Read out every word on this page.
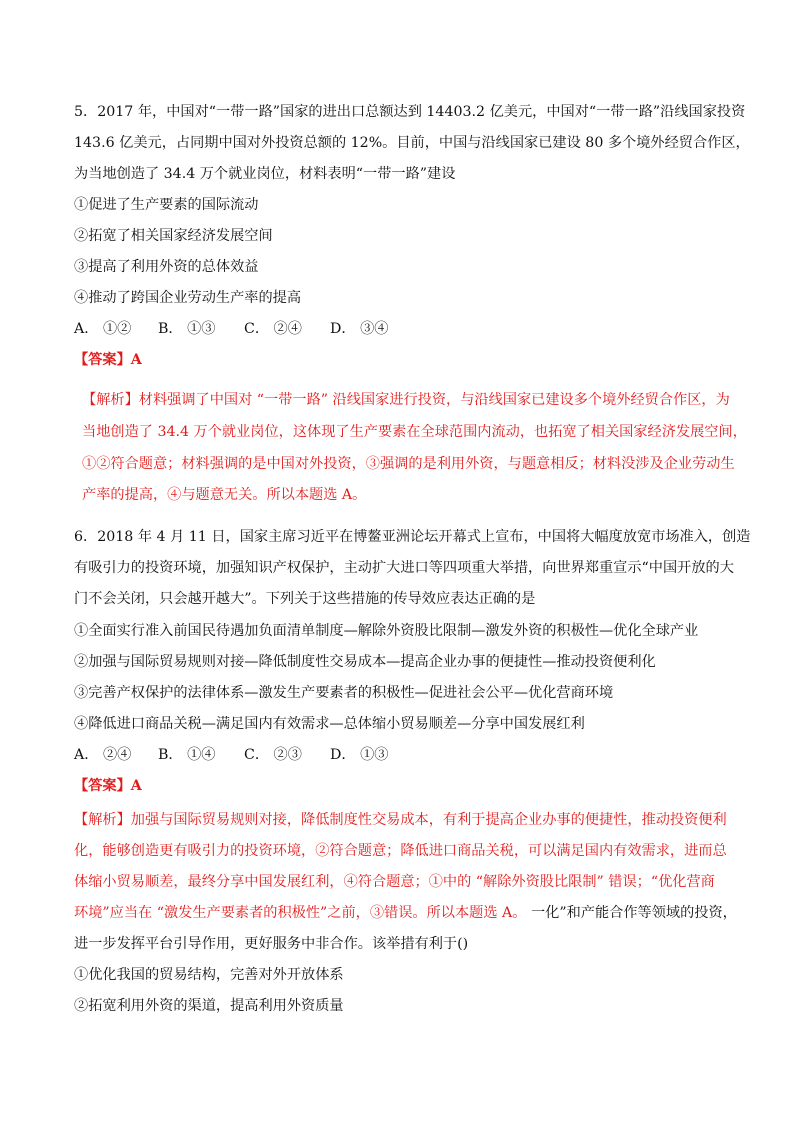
5．2017 年，中国对“一带一路”国家的进出口总额达到 14403.2 亿美元，中国对“一带一路”沿线国家投资
143.6 亿美元，占同期中国对外投资总额的 12%。目前，中国与沿线国家已建设 80 多个境外经贸合作区，
为当地创造了 34.4 万个就业岗位，材料表明“一带一路”建设
①促进了生产要素的国际流动
②拓宽了相关国家经济发展空间
③提高了利用外资的总体效益
④推动了跨国企业劳动生产率的提高
A． ①② B． ①③ C． ②④ D． ③④
【答案】A
【解析】材料强调了中国对 “一带一路” 沿线国家进行投资，与沿线国家已建设多个境外经贸合作区，为
当地创造了 34.4 万个就业岗位，这体现了生产要素在全球范围内流动，也拓宽了相关国家经济发展空间，
①②符合题意；材料强调的是中国对外投资，③强调的是利用外资，与题意相反；材料没涉及企业劳动生
产率的提高，④与题意无关。所以本题选 A。
6．2018 年 4 月 11 日，国家主席习近平在博鳌亚洲论坛开幕式上宣布，中国将大幅度放宽市场准入，创造
有吸引力的投资环境，加强知识产权保护，主动扩大进口等四项重大举措，向世界郑重宣示“中国开放的大
门不会关闭，只会越开越大”。下列关于这些措施的传导效应表达正确的是
①全面实行准入前国民待遇加负面清单制度—解除外资股比限制—激发外资的积极性—优化全球产业
②加强与国际贸易规则对接—降低制度性交易成本—提高企业办事的便捷性—推动投资便利化
③完善产权保护的法律体系—激发生产要素者的积极性—促进社会公平—优化营商环境
④降低进口商品关税—满足国内有效需求—总体缩小贸易顺差—分享中国发展红利
A． ②④ B． ①④ C． ②③ D． ①③
【答案】A
【解析】加强与国际贸易规则对接，降低制度性交易成本，有利于提高企业办事的便捷性，推动投资便利
化，能够创造更有吸引力的投资环境，②符合题意；降低进口商品关税，可以满足国内有效需求，进而总
体缩小贸易顺差，最终分享中国发展红利，④符合题意；①中的 “解除外资股比限制” 错误；“优化营商
环境”应当在 “激发生产要素者的积极性”之前，③错误。所以本题选 A。 一化”和产能合作等领域的投资，
进一步发挥平台引导作用，更好服务中非合作。该举措有利于()
①优化我国的贸易结构，完善对外开放体系
②拓宽利用外资的渠道，提高利用外资质量
